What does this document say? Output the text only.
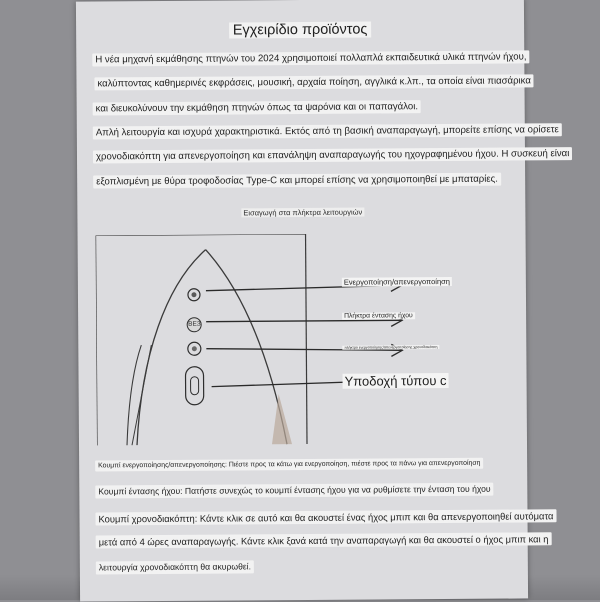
Εγχειρίδιο προϊόντος
Η νέα μηχανή εκμάθησης πτηνών του 2024 χρησιμοποιεί πολλαπλά εκπαιδευτικά υλικά πτηνών ήχου,
καλύπτοντας καθημερινές εκφράσεις, μουσική, αρχαία ποίηση, αγγλικά κ.λπ., τα οποία είναι πιασάρικα
και διευκολύνουν την εκμάθηση πτηνών όπως τα ψαρόνια και οι παπαγάλοι.
Απλή λειτουργία και ισχυρά χαρακτηριστικά. Εκτός από τη βασική αναπαραγωγή, μπορείτε επίσης να ορίσετε
χρονοδιακόπτη για απενεργοποίηση και επανάληψη αναπαραγωγής του ηχογραφημένου ήχου. Η συσκευή είναι
εξοπλισμένη με θύρα τροφοδοσίας Type-C και μπορεί επίσης να χρησιμοποιηθεί με μπαταρίες.
Εισαγωγή στα πλήκτρα λειτουργιών
ВЕЗ
Ενεργοποίηση/απενεργοποίηση
Πλήκτρα έντασης ήχου
πλήκτρο ενεργοποίησης/απενεργοποίησης χρονοδιακόπτη
Υποδοχή τύπου c
Κουμπί ενεργοποίησης/απενεργοποίησης: Πιέστε προς τα κάτω για ενεργοποίηση, πιέστε προς τα πάνω για απενεργοποίηση
Κουμπί έντασης ήχου: Πατήστε συνεχώς το κουμπί έντασης ήχου για να ρυθμίσετε την ένταση του ήχου
Κουμπί χρονοδιακόπτη: Κάντε κλικ σε αυτό και θα ακουστεί ένας ήχος μπιπ και θα απενεργοποιηθεί αυτόματα
μετά από 4 ώρες αναπαραγωγής. Κάντε κλικ ξανά κατά την αναπαραγωγή και θα ακουστεί ο ήχος μπιπ και η
λειτουργία χρονοδιακόπτη θα ακυρωθεί.
